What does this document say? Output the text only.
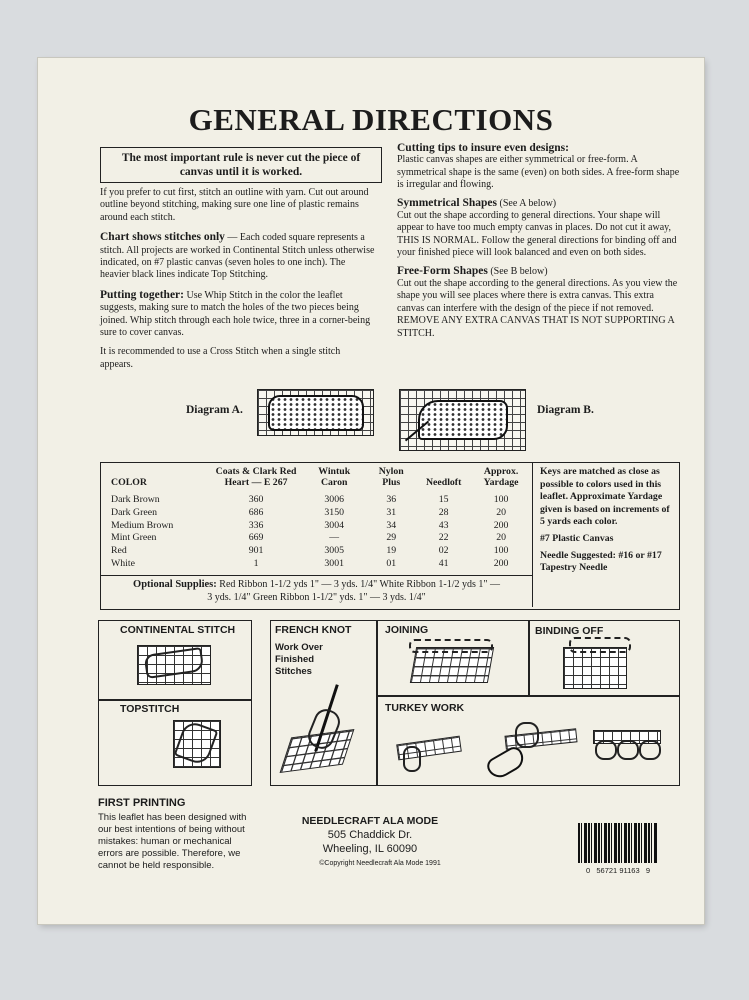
GENERAL DIRECTIONS
The most important rule is never cut the piece of canvas until it is worked.
If you prefer to cut first, stitch an outline with yarn. Cut out around outline beyond stitching, making sure one line of plastic remains around each stitch.
Chart shows stitches only — Each coded square represents a stitch. All projects are worked in Continental Stitch unless otherwise indicated, on #7 plastic canvas (seven holes to one inch). The heavier black lines indicate Top Stitching.
Putting together: Use Whip Stitch in the color the leaflet suggests, making sure to match the holes of the two pieces being joined. Whip stitch through each hole twice, three in a corner-being sure to cover canvas.
It is recommended to use a Cross Stitch when a single stitch appears.
Cutting tips to insure even designs:
Plastic canvas shapes are either symmetrical or free-form. A symmetrical shape is the same (even) on both sides. A free-form shape is irregular and flowing.
Symmetrical Shapes (See A below)
Cut out the shape according to general directions. Your shape will appear to have too much empty canvas in places. Do not cut it away, THIS IS NORMAL. Follow the general directions for binding off and your finished piece will look balanced and even on both sides.
Free-Form Shapes (See B below)
Cut out the shape according to the general directions. As you view the shape you will see places where there is extra canvas. This extra canvas can interfere with the design of the piece if not removed. REMOVE ANY EXTRA CANVAS THAT IS NOT SUPPORTING A STITCH.
Diagram A.	Diagram B.
COLOR	Coats & Clark Red Heart — E 267	Wintuk Caron	Nylon Plus	Needloft	Approx. Yardage
Dark Brown	360	3006	36	15	100
Dark Green	686	3150	31	28	20
Medium Brown	336	3004	34	43	200
Mint Green	669	—	29	22	20
Red	901	3005	19	02	100
White	1	3001	01	41	200
Optional Supplies: Red Ribbon 1-1/2 yds 1" — 3 yds. 1/4" White Ribbon 1-1/2 yds 1" —
3 yds. 1/4" Green Ribbon 1-1/2" yds. 1" — 3 yds. 1/4"
Keys are matched as close as possible to colors used in this leaflet. Approximate Yardage given is based on increments of 5 yards each color.
#7 Plastic Canvas
Needle Suggested: #16 or #17 Tapestry Needle
CONTINENTAL STITCH
TOPSTITCH
FRENCH KNOT
Work Over Finished Stitches
JOINING	BINDING OFF
TURKEY WORK
FIRST PRINTING
This leaflet has been designed with our best intentions of being without mistakes: human or mechanical errors are possible. Therefore, we cannot be held responsible.
NEEDLECRAFT ALA MODE
505 Chaddick Dr.
Wheeling, IL 60090
©Copyright Needlecraft Ala Mode 1991
0   56721 91163   9
